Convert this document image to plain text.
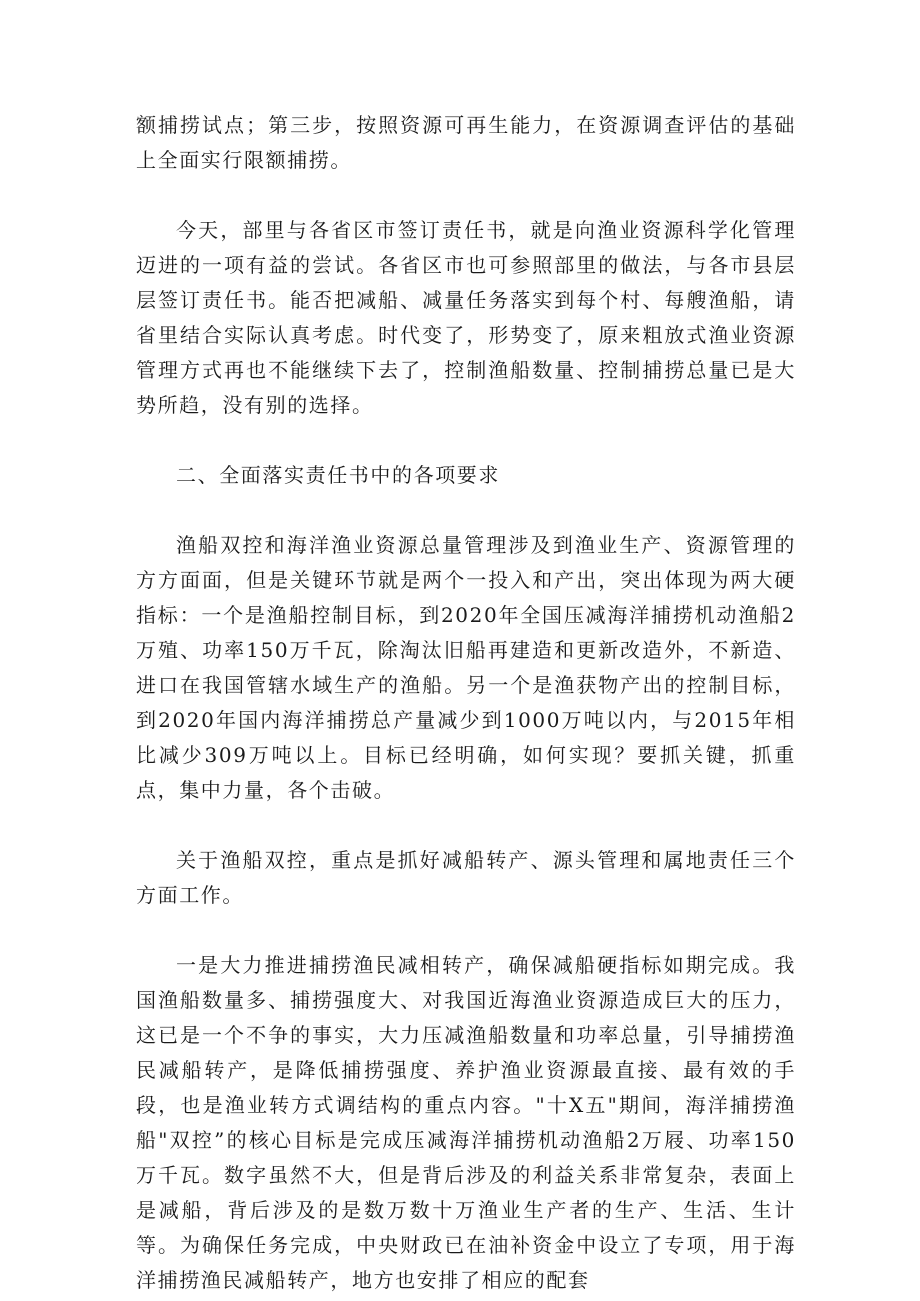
额捕捞试点；第三步，按照资源可再生能力，在资源调查评估的基础上全面实行限额捕捞。

今天，部里与各省区市签订责任书，就是向渔业资源科学化管理迈进的一项有益的尝试。各省区市也可参照部里的做法，与各市县层层签订责任书。能否把减船、减量任务落实到每个村、每艘渔船，请省里结合实际认真考虑。时代变了，形势变了，原来粗放式渔业资源管理方式再也不能继续下去了，控制渔船数量、控制捕捞总量已是大势所趋，没有别的选择。

二、全面落实责任书中的各项要求

渔船双控和海洋渔业资源总量管理涉及到渔业生产、资源管理的方方面面，但是关键环节就是两个一投入和产出，突出体现为两大硬指标：一个是渔船控制目标，到2020年全国压减海洋捕捞机动渔船2万殖、功率150万千瓦，除淘汰旧船再建造和更新改造外，不新造、进口在我国管辖水域生产的渔船。另一个是渔获物产出的控制目标，到2020年国内海洋捕捞总产量减少到1000万吨以内，与2015年相比减少309万吨以上。目标已经明确，如何实现？要抓关键，抓重点，集中力量，各个击破。

关于渔船双控，重点是抓好减船转产、源头管理和属地责任三个方面工作。

一是大力推进捕捞渔民减相转产，确保减船硬指标如期完成。我国渔船数量多、捕捞强度大、对我国近海渔业资源造成巨大的压力，这已是一个不争的事实，大力压减渔船数量和功率总量，引导捕捞渔民减船转产，是降低捕捞强度、养护渔业资源最直接、最有效的手段，也是渔业转方式调结构的重点内容。"十X五"期间，海洋捕捞渔船"双控”的核心目标是完成压减海洋捕捞机动渔船2万屐、功率150万千瓦。数字虽然不大，但是背后涉及的利益关系非常复杂，表面上是减船，背后涉及的是数万数十万渔业生产者的生产、生活、生计等。为确保任务完成，中央财政已在油补资金中设立了专项，用于海洋捕捞渔民减船转产，地方也安排了相应的配套
